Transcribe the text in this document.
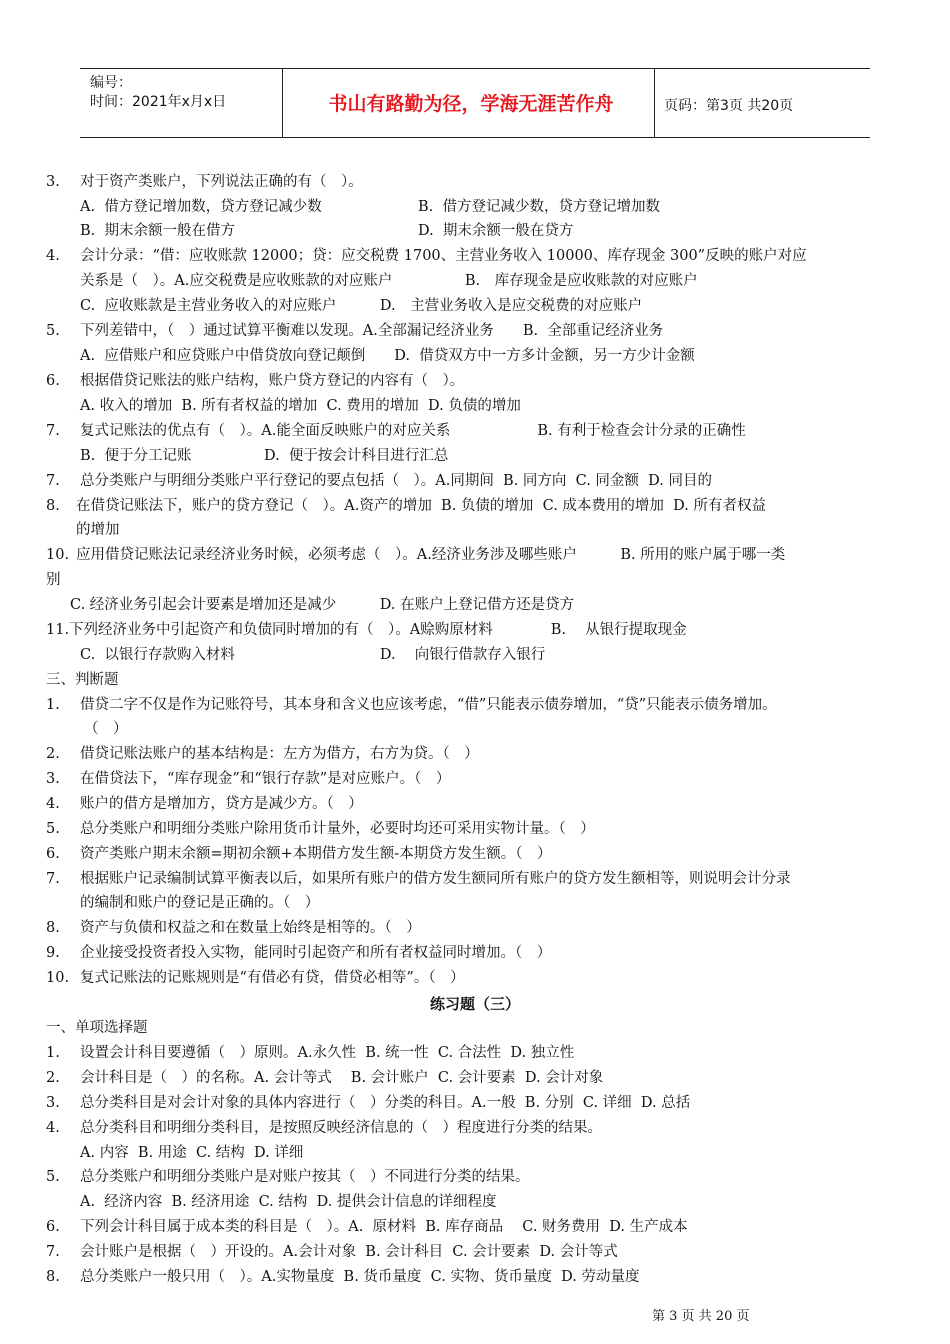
编号：
时间：2021年x月x日	书山有路勤为径，学海无涯苦作舟	页码：第3页 共20页
3.	对于资产类账户，下列说法正确的有（　）。
A.  借方登记增加数，贷方登记减少数	B.  借方登记减少数，贷方登记增加数
B.  期末余额一般在借方	D.  期末余额一般在贷方
4.	会计分录：“借：应收账款 12000；贷：应交税费 1700、主营业务收入 10000、库存现金 300”反映的账户对应
关系是（　）。A.应交税费是应收账款的对应账户　　　　　B.　库存现金是应收账款的对应账户
C.  应收账款是主营业务收入的对应账户　　　D.　主营业务收入是应交税费的对应账户
5.	下列差错中，（　）通过试算平衡难以发现。A.全部漏记经济业务　　B.  全部重记经济业务
A.  应借账户和应贷账户中借贷放向登记颠倒　　D.  借贷双方中一方多计金额，另一方少计金额
6.	根据借贷记账法的账户结构，账户贷方登记的内容有（　）。
A. 收入的增加  B. 所有者权益的增加  C. 费用的增加  D. 负债的增加
7.	复式记账法的优点有（　）。A.能全面反映账户的对应关系　　　　　　B. 有利于检查会计分录的正确性
B.  便于分工记账　　　　　D.  便于按会计科目进行汇总
7.	总分类账户与明细分类账户平行登记的要点包括（　）。A.同期间  B. 同方向  C. 同金额  D. 同目的
8.	在借贷记账法下，账户的贷方登记（　）。A.资产的增加  B. 负债的增加  C. 成本费用的增加  D. 所有者权益
的增加
10. 应用借贷记账法记录经济业务时候，必须考虑（　）。A.经济业务涉及哪些账户　　　B. 所用的账户属于哪一类
别
C. 经济业务引起会计要素是增加还是减少　　　D. 在账户上登记借方还是贷方
11.下列经济业务中引起资产和负债同时增加的有（　）。A赊购原材料　　　　B.　 从银行提取现金
C.  以银行存款购入材料　　　　　　　　　　D.　 向银行借款存入银行
三、判断题
1.	借贷二字不仅是作为记账符号，其本身和含义也应该考虑，“借”只能表示债券增加，“贷”只能表示债务增加。
（　）
2.	借贷记账法账户的基本结构是：左方为借方，右方为贷。（　）
3.	在借贷法下，“库存现金”和“银行存款”是对应账户。（　）
4.	账户的借方是增加方，贷方是减少方。（　）
5.	总分类账户和明细分类账户除用货币计量外，必要时均还可采用实物计量。（　）
6.	资产类账户期末余额=期初余额+本期借方发生额-本期贷方发生额。（　）
7.	根据账户记录编制试算平衡表以后，如果所有账户的借方发生额同所有账户的贷方发生额相等，则说明会计分录
的编制和账户的登记是正确的。（　）
8.	资产与负债和权益之和在数量上始终是相等的。（　）
9.	企业接受投资者投入实物，能同时引起资产和所有者权益同时增加。（　）
10. 复式记账法的记账规则是“有借必有贷，借贷必相等”。（　）
一、单项选择题
1.	设置会计科目要遵循（　）原则。A.永久性  B. 统一性  C. 合法性  D. 独立性
2.	会计科目是（　）的名称。A. 会计等式　 B. 会计账户  C. 会计要素  D. 会计对象
3.	总分类科目是对会计对象的具体内容进行（　）分类的科目。A.一般  B. 分别  C. 详细  D. 总括
4.	总分类科目和明细分类科目，是按照反映经济信息的（　）程度进行分类的结果。
A. 内容  B. 用途  C. 结构  D. 详细
5.	总分类账户和明细分类账户是对账户按其（　）不同进行分类的结果。
A.  经济内容  B. 经济用途  C. 结构  D. 提供会计信息的详细程度
6.	下列会计科目属于成本类的科目是（　）。A.  原材料  B. 库存商品　 C. 财务费用  D. 生产成本
7.	会计账户是根据（　）开设的。A.会计对象  B. 会计科目  C. 会计要素  D. 会计等式
8.	总分类账户一般只用（　）。A.实物量度  B. 货币量度  C. 实物、货币量度  D. 劳动量度
练习题（三）
第 3 页 共 20 页
